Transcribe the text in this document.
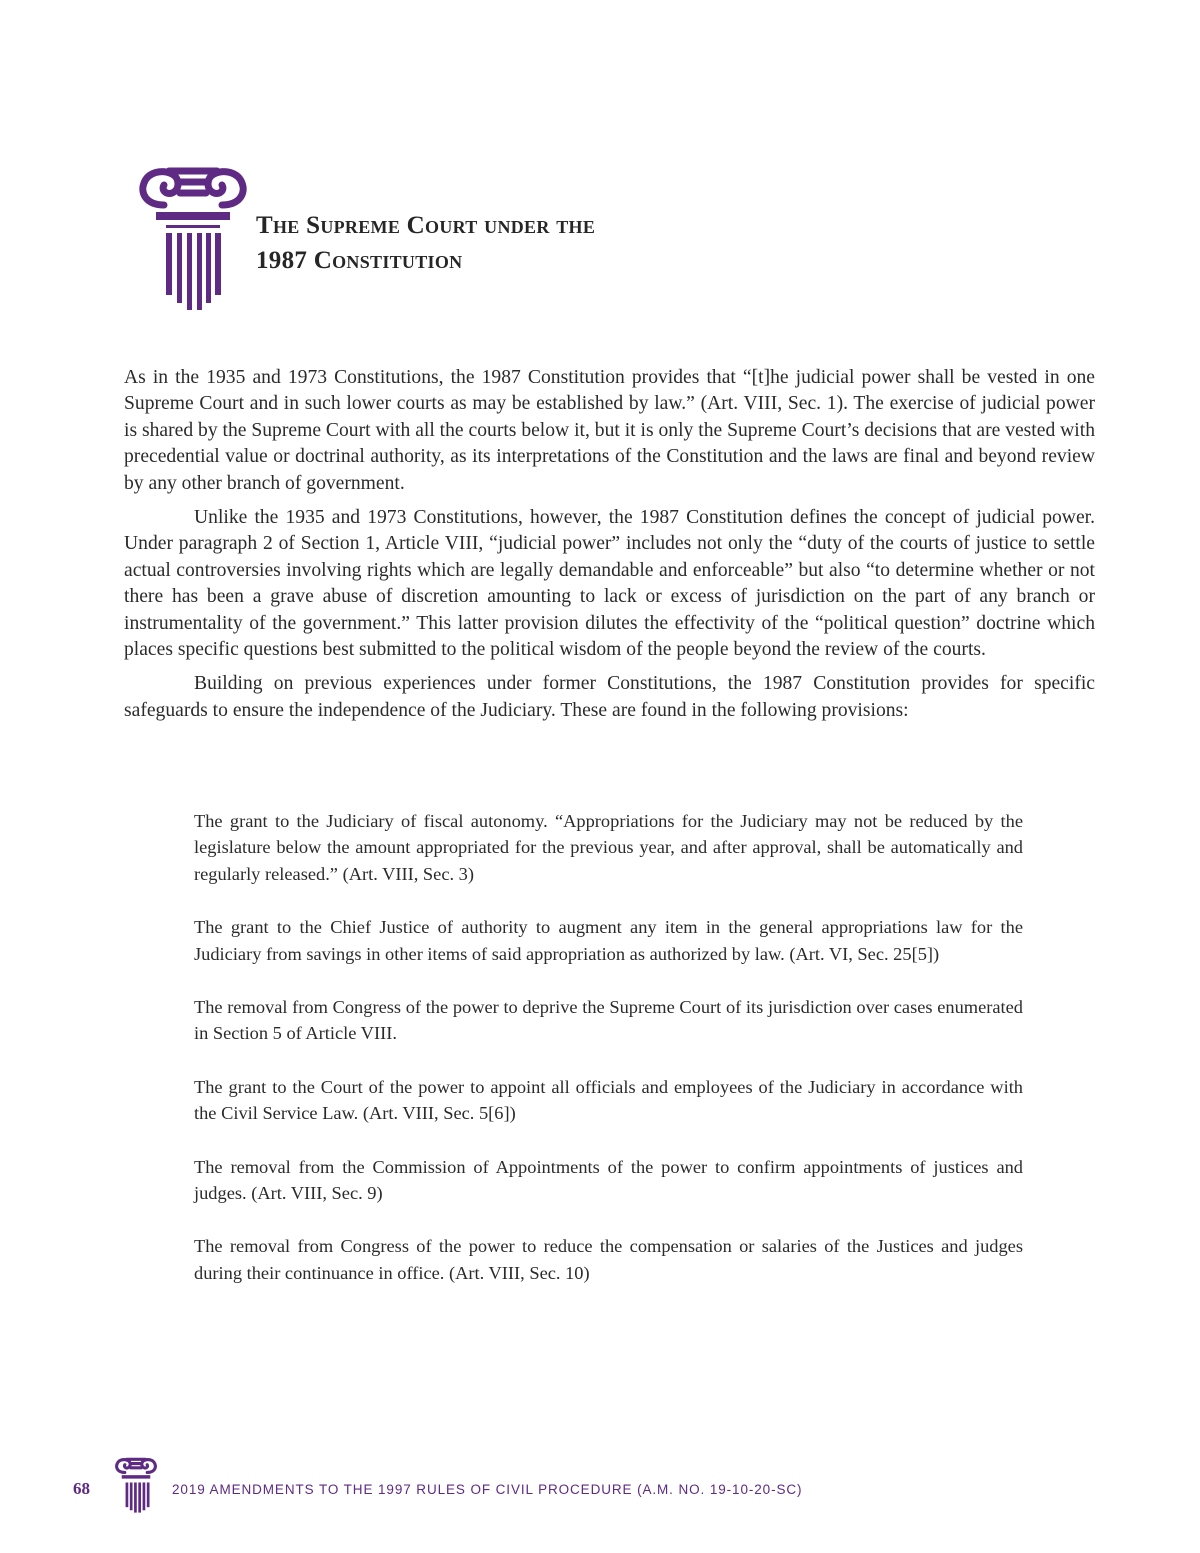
The Supreme Court under the
1987 Constitution

As in the 1935 and 1973 Constitutions, the 1987 Constitution provides that “[t]he judicial power shall be vested in one Supreme Court and in such lower courts as may be established by law.” (Art. VIII, Sec. 1). The exercise of judicial power is shared by the Supreme Court with all the courts below it, but it is only the Supreme Court’s decisions that are vested with precedential value or doctrinal authority, as its interpretations of the Constitution and the laws are final and beyond review by any other branch of government.

Unlike the 1935 and 1973 Constitutions, however, the 1987 Constitution defines the concept of judicial power. Under paragraph 2 of Section 1, Article VIII, “judicial power” includes not only the “duty of the courts of justice to settle actual controversies involving rights which are legally demandable and enforceable” but also “to determine whether or not there has been a grave abuse of discretion amounting to lack or excess of jurisdiction on the part of any branch or instrumentality of the government.” This latter provision dilutes the effectivity of the “political question” doctrine which places specific questions best submitted to the political wisdom of the people beyond the review of the courts.

Building on previous experiences under former Constitutions, the 1987 Constitution provides for specific safeguards to ensure the independence of the Judiciary. These are found in the following provisions:

The grant to the Judiciary of fiscal autonomy. “Appropriations for the Judiciary may not be reduced by the legislature below the amount appropriated for the previous year, and after approval, shall be automatically and regularly released.” (Art. VIII, Sec. 3)

The grant to the Chief Justice of authority to augment any item in the general appropriations law for the Judiciary from savings in other items of said appropriation as authorized by law. (Art. VI, Sec. 25[5])

The removal from Congress of the power to deprive the Supreme Court of its jurisdiction over cases enumerated in Section 5 of Article VIII.

The grant to the Court of the power to appoint all officials and employees of the Judiciary in accordance with the Civil Service Law. (Art. VIII, Sec. 5[6])

The removal from the Commission of Appointments of the power to confirm appointments of justices and judges. (Art. VIII, Sec. 9)

The removal from Congress of the power to reduce the compensation or salaries of the Justices and judges during their continuance in office. (Art. VIII, Sec. 10)

68	2019 AMENDMENTS TO THE 1997 RULES OF CIVIL PROCEDURE (A.M. NO. 19-10-20-SC)
